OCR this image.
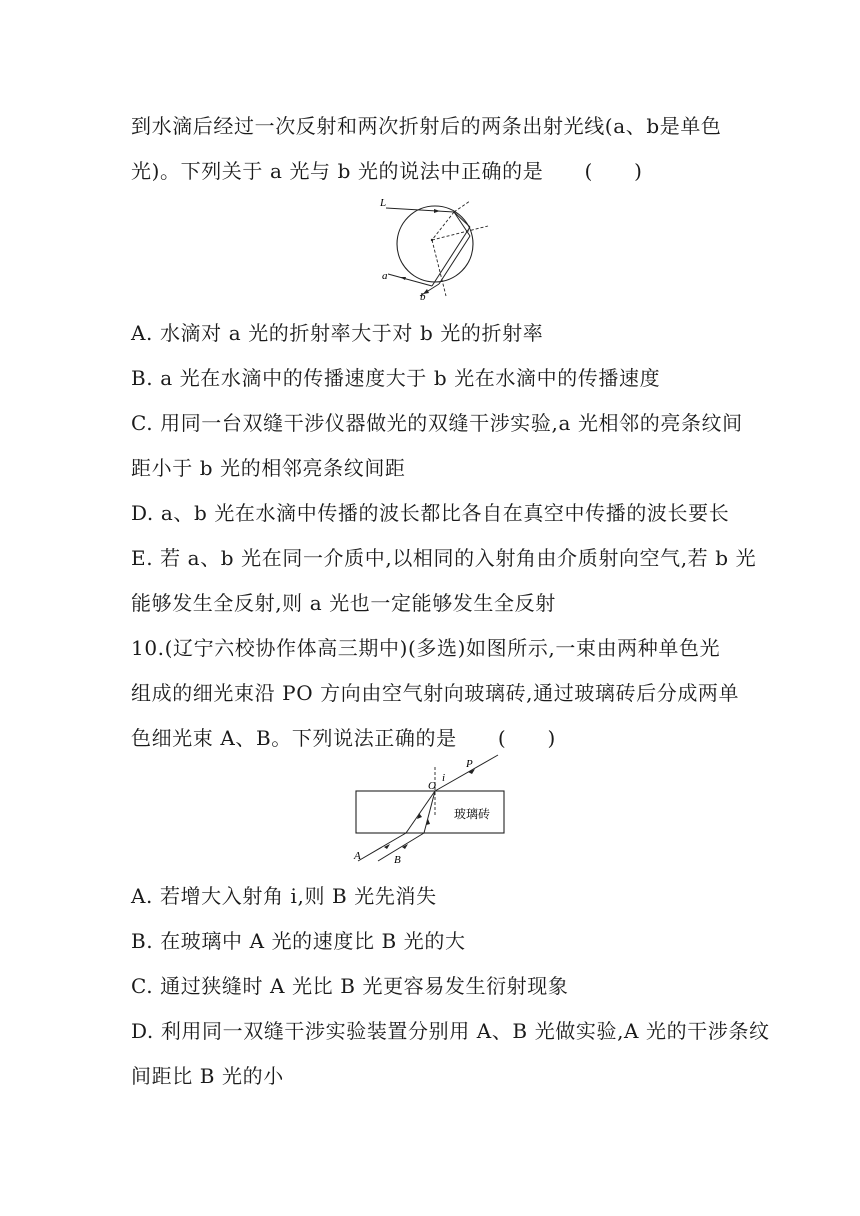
到水滴后经过一次反射和两次折射后的两条出射光线(a、b是单色
光)。下列关于 a 光与 b 光的说法中正确的是　　(　　)
L
a
b
A. 水滴对 a 光的折射率大于对 b 光的折射率
B. a 光在水滴中的传播速度大于 b 光在水滴中的传播速度
C. 用同一台双缝干涉仪器做光的双缝干涉实验,a 光相邻的亮条纹间
距小于 b 光的相邻亮条纹间距
D. a、b 光在水滴中传播的波长都比各自在真空中传播的波长要长
E. 若 a、b 光在同一介质中,以相同的入射角由介质射向空气,若 b 光
能够发生全反射,则 a 光也一定能够发生全反射
10.(辽宁六校协作体高三期中)(多选)如图所示,一束由两种单色光
组成的细光束沿 PO 方向由空气射向玻璃砖,通过玻璃砖后分成两单
色细光束 A、B。下列说法正确的是　　(　　)
P
O
i
A	B
玻璃砖
A. 若增大入射角 i,则 B 光先消失
B. 在玻璃中 A 光的速度比 B 光的大
C. 通过狭缝时 A 光比 B 光更容易发生衍射现象
D. 利用同一双缝干涉实验装置分别用 A、B 光做实验,A 光的干涉条纹
间距比 B 光的小
